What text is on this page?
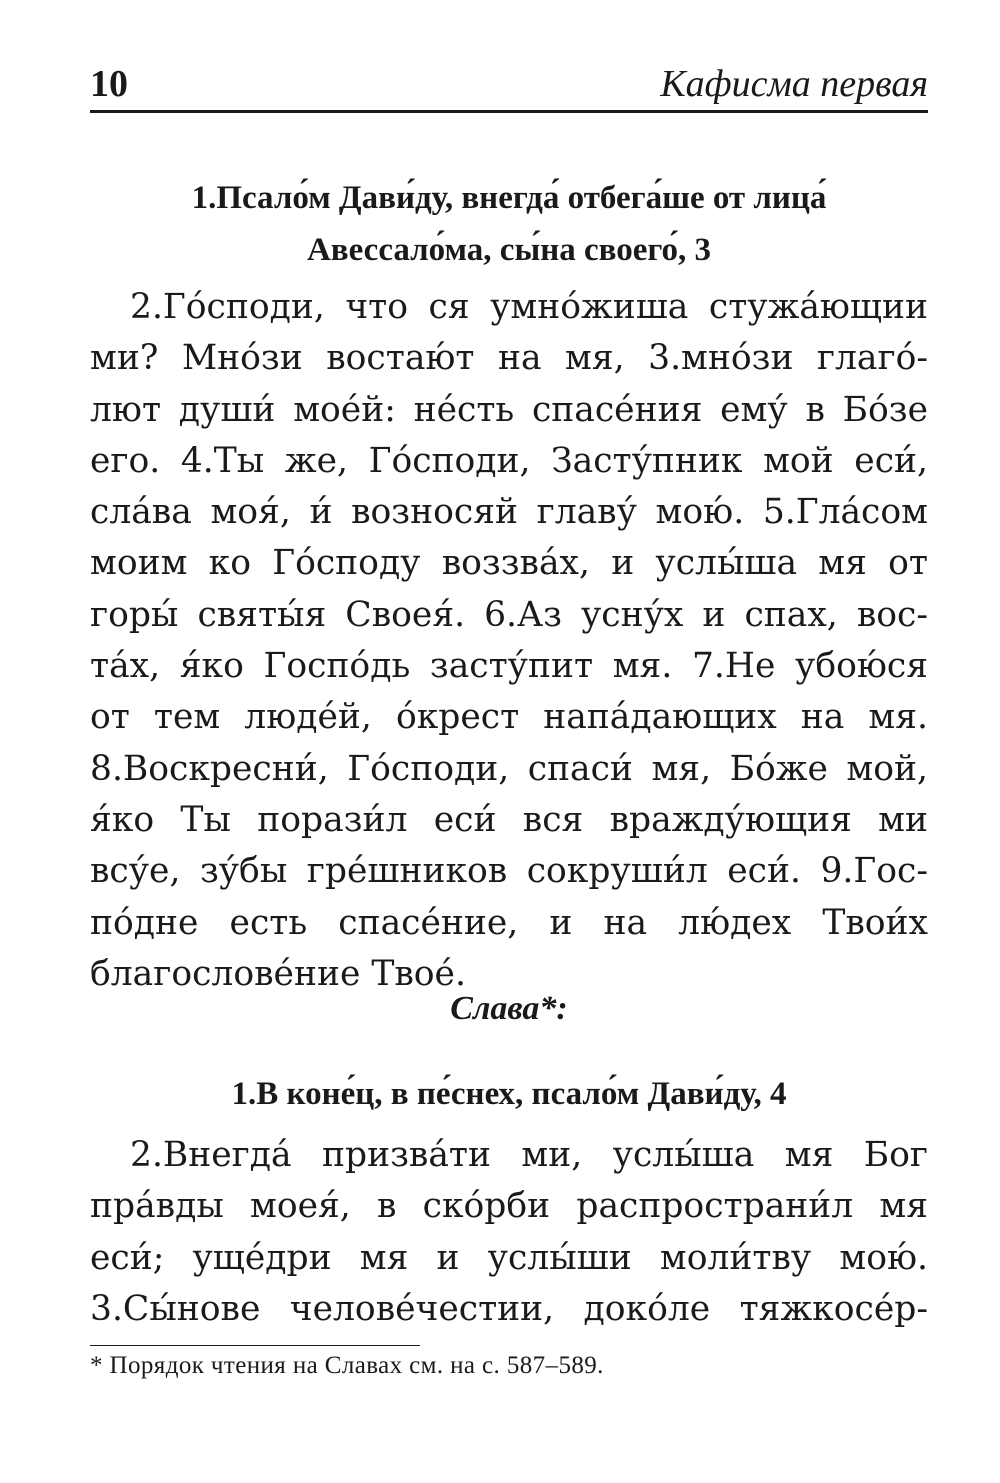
10	Кафисма первая
1.Псало́м Дави́ду, внегда́ отбега́ше от лица́
Авессало́ма, сы́на своего́, 3
2.Го́споди, что ся умно́жиша стужа́ющии
ми? Мно́зи востаю́т на мя, 3.мно́зи глаго́-
лют души́ мое́й: не́сть спасе́ния ему́ в Бо́зе
его. 4.Ты же, Го́споди, Засту́пник мой еси́,
сла́ва моя́, и́ возносяй главу́ мою́. 5.Гла́сом
моим ко Го́споду воззва́х, и услы́ша мя от
горы́ святы́я Своея́. 6.Аз усну́х и спах, вос-
та́х, я́ко Госпо́дь засту́пит мя. 7.Не убою́ся
от тем люде́й, о́крест напа́дающих на мя.
8.Воскресни́, Го́споди, спаси́ мя, Бо́же мой,
я́ко Ты порази́л еси́ вся вражду́ющия ми
всу́е, зу́бы гре́шников сокруши́л еси́. 9.Гос-
по́дне есть спасе́ние, и на лю́дех Твои́х
благослове́ние Твое́.
Слава*:
1.В коне́ц, в пе́снех, псало́м Дави́ду, 4
2.Внегда́ призва́ти ми, услы́ша мя Бог
пра́вды моея́, в ско́рби распространи́л мя
еси́; уще́дри мя и услы́ши моли́тву мою́.
3.Сы́нове челове́честии, доко́ле тяжкосе́р-
* Порядок чтения на Славах см. на с. 587–589.
